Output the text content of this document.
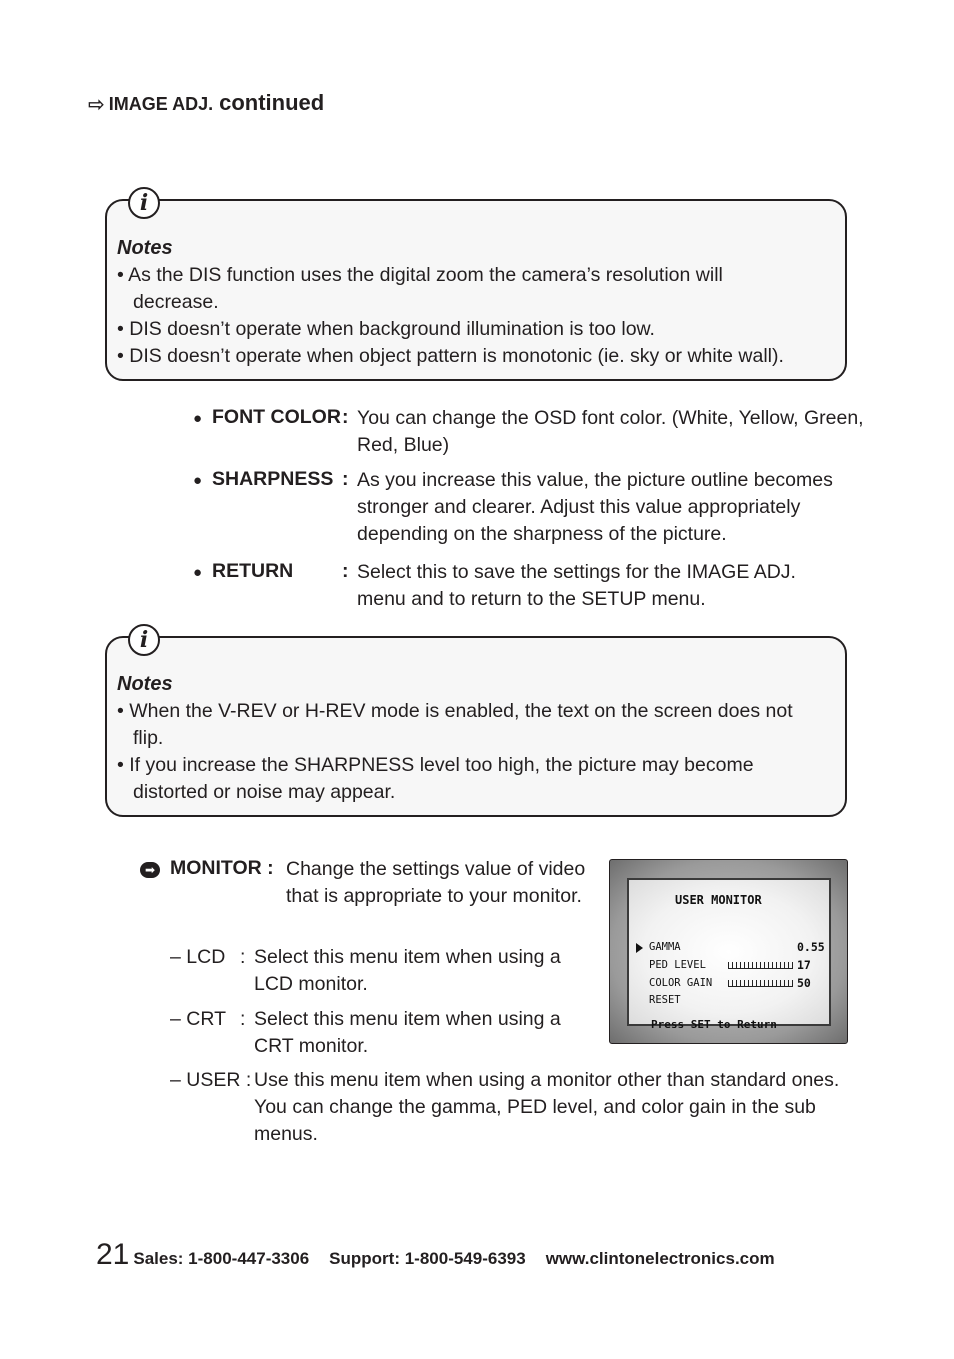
⇨ IMAGE ADJ. continued
i
Notes
• As the DIS function uses the digital zoom the camera’s resolution will
decrease.
• DIS doesn’t operate when background illumination is too low.
• DIS doesn’t operate when object pattern is monotonic (ie. sky or white wall).
● FONT COLOR : You can change the OSD font color. (White, Yellow, Green, Red, Blue)
● SHARPNESS : As you increase this value, the picture outline becomes stronger and clearer. Adjust this value appropriately depending on the sharpness of the picture.
● RETURN	: Select this to save the settings for the IMAGE ADJ. menu and to return to the SETUP menu.
i
Notes
• When the V-REV or H-REV mode is enabled, the text on the screen does not
flip.
• If you increase the SHARPNESS level too high, the picture may become
distorted or noise may appear.
➡ MONITOR : Change the settings value of video that is appropriate to your monitor.
– LCD : Select this menu item when using a LCD monitor.
– CRT : Select this menu item when using a CRT monitor.
– USER : Use this menu item when using a monitor other than standard ones. You can change the gamma, PED level, and color gain in the sub menus.
USER MONITOR
GAMMA	0.55
PED LEVEL	17
COLOR GAIN	50
RESET
Press SET to Return
21 Sales: 1-800-447-3306 Support: 1-800-549-6393 www.clintonelectronics.com
